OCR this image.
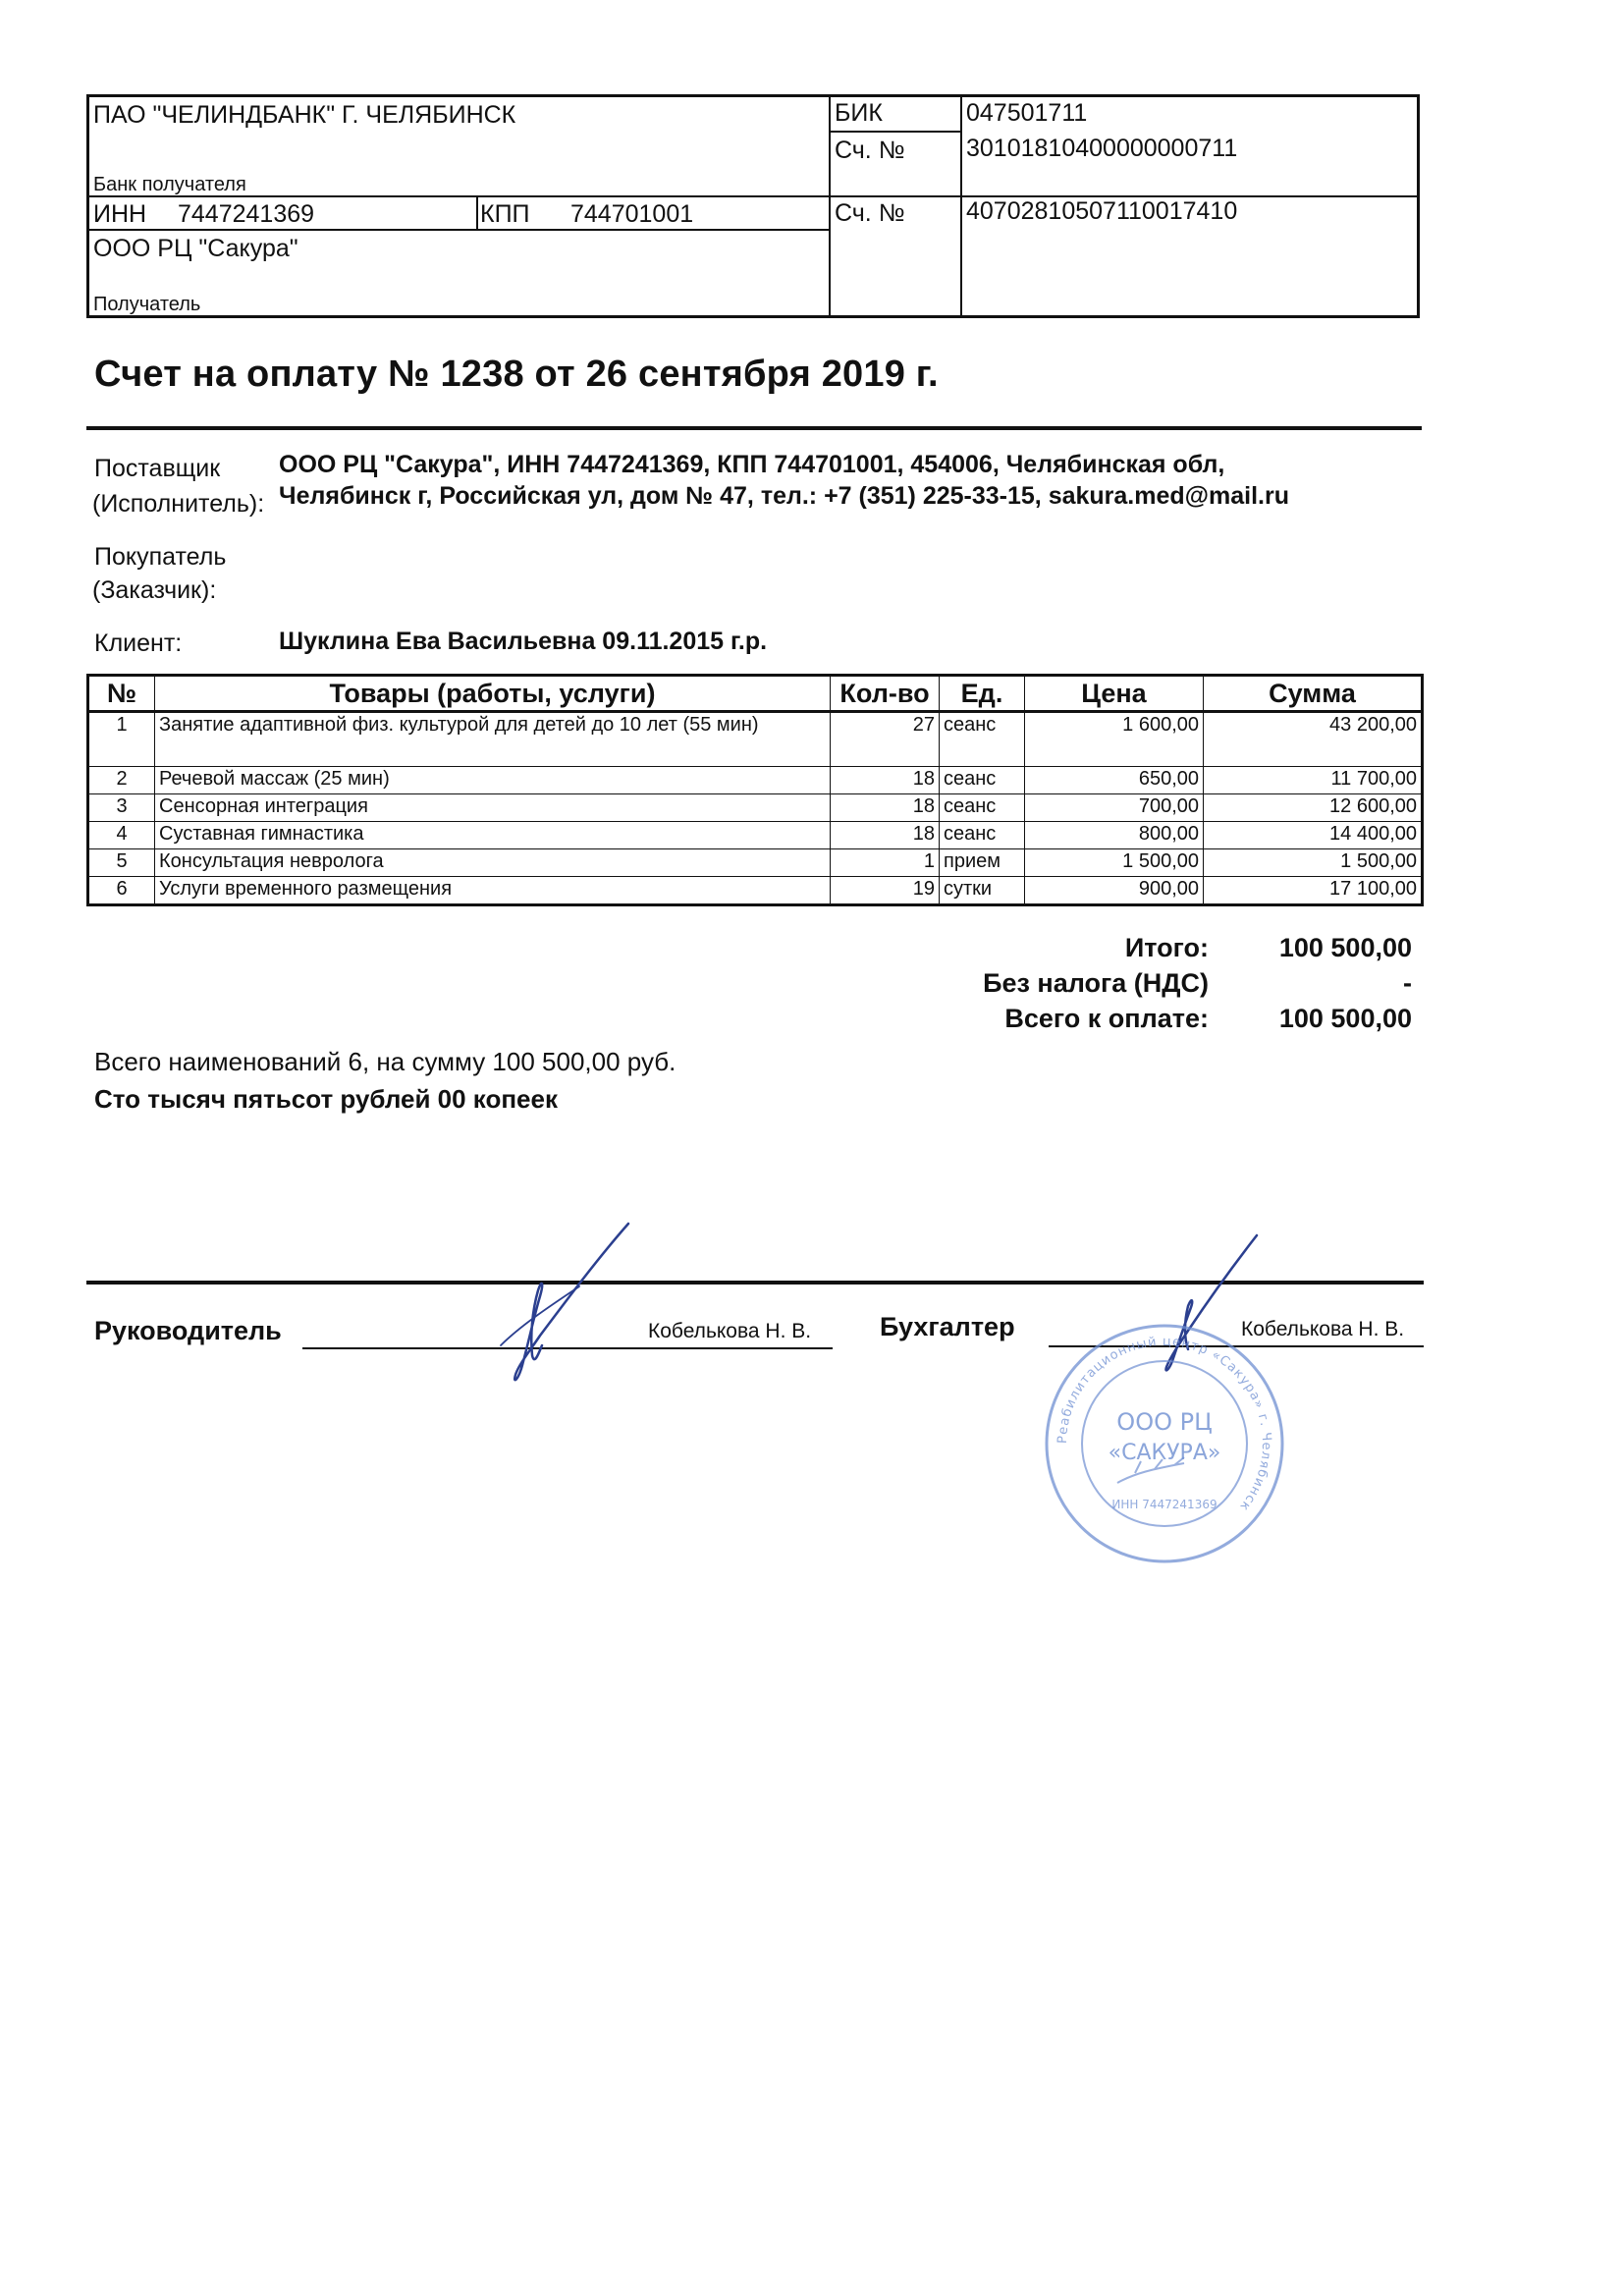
ПАО "ЧЕЛИНДБАНК" Г. ЧЕЛЯБИНСК
Банк получателя
БИК	047501711
Сч. № 30101810400000000711
ИНН 7447241369	КПП 744701001
ООО РЦ "Сакура"
Получатель
Сч. № 40702810507110017410
Счет на оплату № 1238 от 26 сентября 2019 г.
Поставщик
(Исполнитель):
ООО РЦ "Сакура", ИНН 7447241369, КПП 744701001, 454006, Челябинская обл,
Челябинск г, Российская ул, дом № 47, тел.: +7 (351) 225-33-15, sakura.med@mail.ru
Покупатель
(Заказчик):
Клиент:	Шуклина Ева Васильевна 09.11.2015 г.р.
№	Товары (работы, услуги)	Кол-во	Ед.	Цена	Сумма
1	Занятие адаптивной физ. культурой для детей до 10 лет (55 мин)	27	сеанс	1 600,00	43 200,00
2	Речевой массаж (25 мин)	18	сеанс	650,00	11 700,00
3	Сенсорная интеграция	18	сеанс	700,00	12 600,00
4	Суставная гимнастика	18	сеанс	800,00	14 400,00
5	Консультация невролога	1	прием	1 500,00	1 500,00
6	Услуги временного размещения	19	сутки	900,00	17 100,00
Итого:	100 500,00
Без налога (НДС)	-
Всего к оплате:	100 500,00
Всего наименований 6, на сумму 100 500,00 руб.
Сто тысяч пятьсот рублей 00 копеек
Руководитель	Кобелькова Н. В.	Бухгалтер	Кобелькова Н. В.
Реабилитационный центр «Сакура» г. Челябинск
ООО РЦ
«САКУРА»
ИНН 7447241369
